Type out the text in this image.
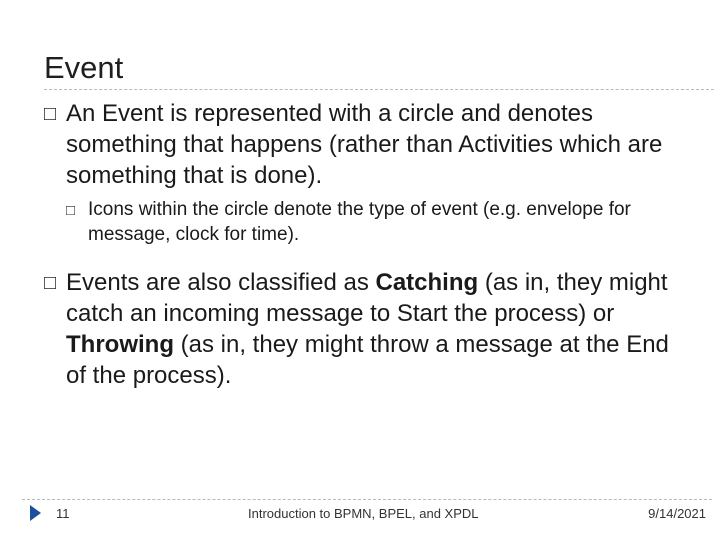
Event
□ An Event is represented with a circle and denotes something that happens (rather than Activities which are something that is done).
□ Icons within the circle denote the type of event (e.g. envelope for message, clock for time).
□ Events are also classified as Catching (as in, they might catch an incoming message to Start the process) or Throwing (as in, they might throw a message at the End of the process).
11	Introduction to BPMN, BPEL, and XPDL	9/14/2021
